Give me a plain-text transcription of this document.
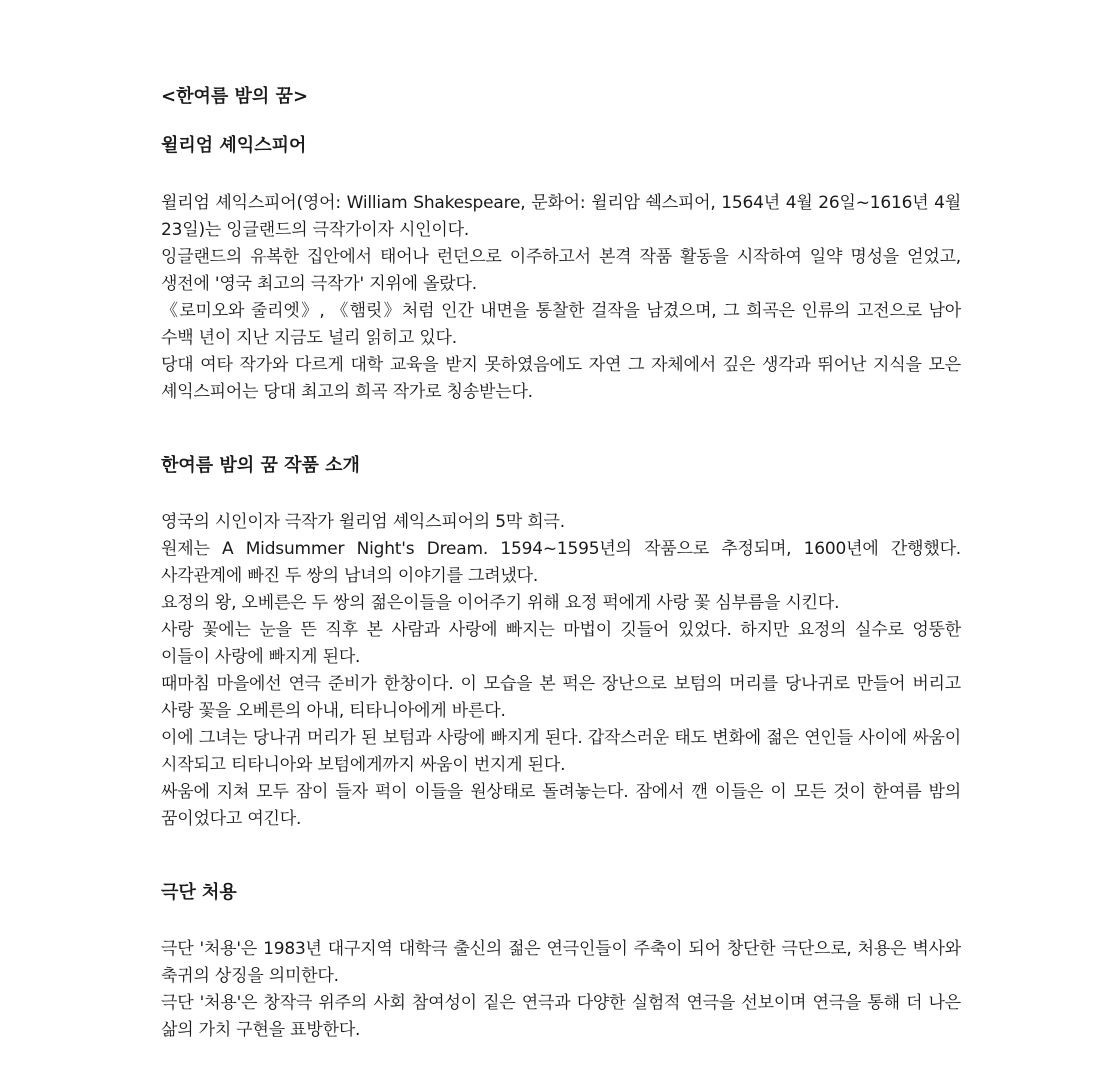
<한여름 밤의 꿈>
윌리엄 셰익스피어

윌리엄 셰익스피어(영어: William Shakespeare, 문화어: 윌리암 쉑스피어, 1564년 4월 26일~1616년 4월 23일)는 잉글랜드의 극작가이자 시인이다.

잉글랜드의 유복한 집안에서 태어나 런던으로 이주하고서 본격 작품 활동을 시작하여 일약 명성을 얻었고, 생전에 '영국 최고의 극작가' 지위에 올랐다.

《로미오와 줄리엣》, 《햄릿》처럼 인간 내면을 통찰한 걸작을 남겼으며, 그 희곡은 인류의 고전으로 남아 수백 년이 지난 지금도 널리 읽히고 있다.

당대 여타 작가와 다르게 대학 교육을 받지 못하였음에도 자연 그 자체에서 깊은 생각과 뛰어난 지식을 모은 셰익스피어는 당대 최고의 희곡 작가로 칭송받는다.

한여름 밤의 꿈 작품 소개

영국의 시인이자 극작가 윌리엄 셰익스피어의 5막 희극.

원제는 A Midsummer Night's Dream. 1594~1595년의 작품으로 추정되며, 1600년에 간행했다. 사각관계에 빠진 두 쌍의 남녀의 이야기를 그려냈다.

요정의 왕, 오베른은 두 쌍의 젊은이들을 이어주기 위해 요정 퍽에게 사랑 꽃 심부름을 시킨다.

사랑 꽃에는 눈을 뜬 직후 본 사람과 사랑에 빠지는 마법이 깃들어 있었다. 하지만 요정의 실수로 엉뚱한 이들이 사랑에 빠지게 된다.

때마침 마을에선 연극 준비가 한창이다. 이 모습을 본 퍽은 장난으로 보텀의 머리를 당나귀로 만들어 버리고 사랑 꽃을 오베른의 아내, 티타니아에게 바른다.

이에 그녀는 당나귀 머리가 된 보텀과 사랑에 빠지게 된다. 갑작스러운 태도 변화에 젊은 연인들 사이에 싸움이 시작되고 티타니아와 보텀에게까지 싸움이 번지게 된다.

싸움에 지쳐 모두 잠이 들자 퍽이 이들을 원상태로 돌려놓는다. 잠에서 깬 이들은 이 모든 것이 한여름 밤의 꿈이었다고 여긴다.

극단 처용

극단 '처용'은 1983년 대구지역 대학극 출신의 젊은 연극인들이 주축이 되어 창단한 극단으로, 처용은 벽사와 축귀의 상징을 의미한다.

극단 '처용'은 창작극 위주의 사회 참여성이 짙은 연극과 다양한 실험적 연극을 선보이며 연극을 통해 더 나은 삶의 가치 구현을 표방한다.
